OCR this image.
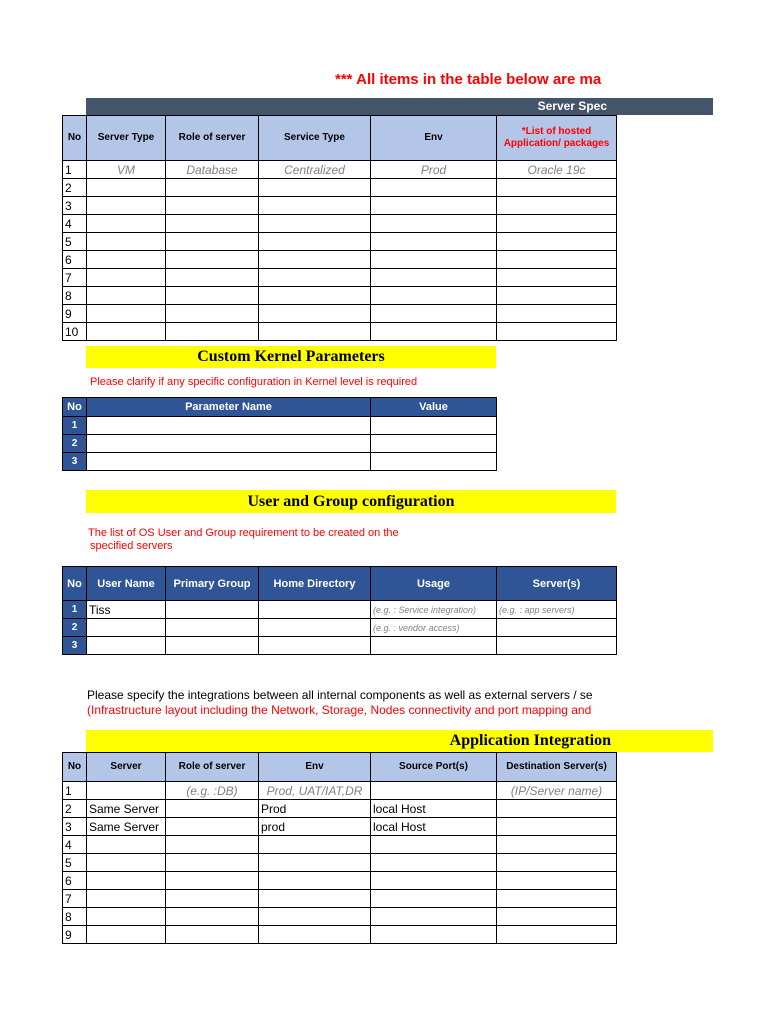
*** All items in the table below are ma
Server Spec
No	Server Type	Role of server	Service Type	Env	*List of hosted
Application/ packages
1	VM	Database	Centralized	Prod	Oracle 19c
2					
3					
4					
5					
6					
7					
8					
9					
10					
Custom Kernel Parameters
Please clarify if any specific configuration in Kernel level is required
No	Parameter Name	Value
1		
2		
3		
User and Group configuration
The list of OS User and Group requirement to be created on the
specified servers
No	User Name	Primary Group	Home Directory	Usage	Server(s)
1	Tiss			(e.g. : Service integration)	(e.g. : app servers)
2				(e.g. : vendor access)	
3					
Please specify the integrations between all internal components as well as external servers / se
(Infrastructure layout including the Network, Storage, Nodes connectivity and port mapping and
Application Integration
No	Server	Role of server	Env	Source Port(s)	Destination Server(s)
1		(e.g. :DB)	Prod, UAT/IAT,DR		(IP/Server name)
2	Same Server		Prod	local Host	
3	Same Server		prod	local Host	
4					
5					
6					
7					
8					
9					
